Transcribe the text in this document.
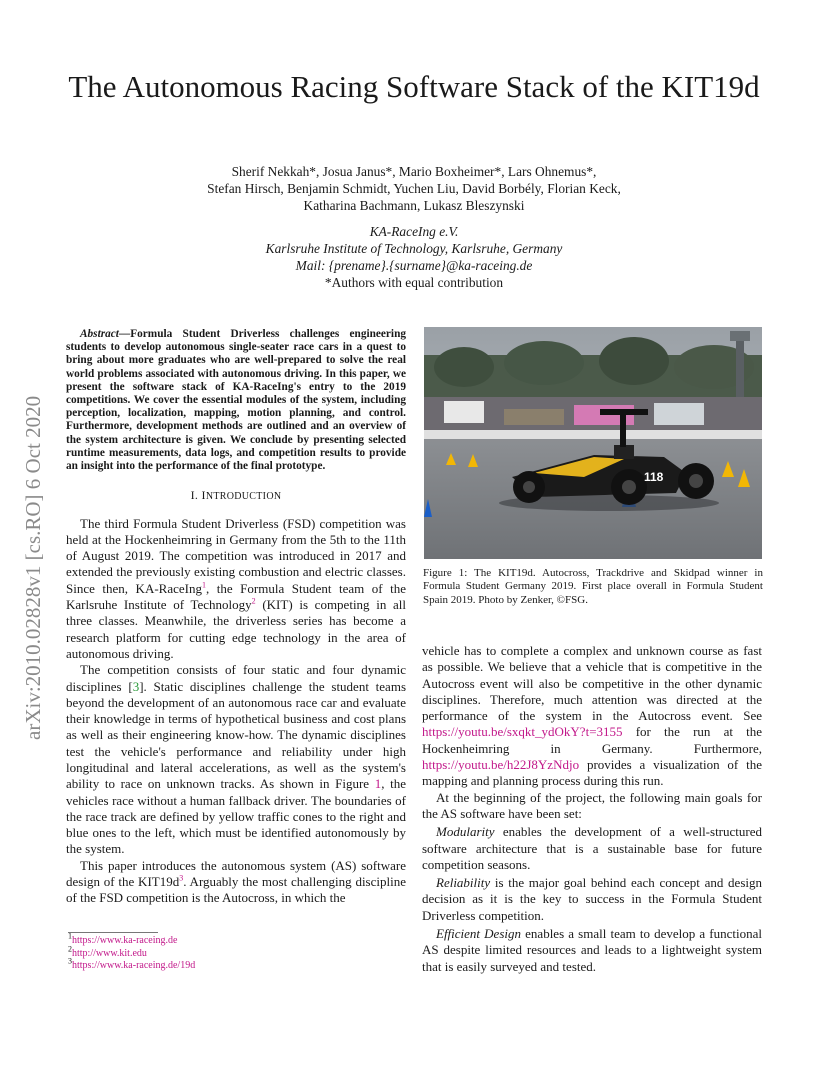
arXiv:2010.02828v1 [cs.RO] 6 Oct 2020
The Autonomous Racing Software Stack of the KIT19d
Sherif Nekkah*, Josua Janus*, Mario Boxheimer*, Lars Ohnemus*,
Stefan Hirsch, Benjamin Schmidt, Yuchen Liu, David Borbély, Florian Keck,
Katharina Bachmann, Lukasz Bleszynski
KA-RaceIng e.V.
Karlsruhe Institute of Technology, Karlsruhe, Germany
Mail: {prename}.{surname}@ka-raceing.de
*Authors with equal contribution
Abstract—Formula Student Driverless challenges engineering students to develop autonomous single-seater race cars in a quest to bring about more graduates who are well-prepared to solve the real world problems associated with autonomous driving. In this paper, we present the software stack of KA-RaceIng's entry to the 2019 competitions. We cover the essential modules of the system, including perception, localization, mapping, motion planning, and control. Furthermore, development methods are outlined and an overview of the system architecture is given. We conclude by presenting selected runtime measurements, data logs, and competition results to provide an insight into the performance of the final prototype.
I. INTRODUCTION

The third Formula Student Driverless (FSD) competition was held at the Hockenheimring in Germany from the 5th to the 11th of August 2019. The competition was introduced in 2017 and extended the previously existing combustion and electric classes. Since then, KA-RaceIng$^1$, the Formula Student team of the Karlsruhe Institute of Technology$^2$ (KIT) is competing in all three classes. Meanwhile, the driverless series has become a research platform for cutting edge technology in the area of autonomous driving.

The competition consists of four static and four dynamic disciplines [3]. Static disciplines challenge the student teams beyond the development of an autonomous race car and evaluate their knowledge in terms of hypothetical business and cost plans as well as their engineering know-how. The dynamic disciplines test the vehicle's performance and reliability under high longitudinal and lateral accelerations, as well as the system's ability to race on unknown tracks. As shown in Figure 1, the vehicles race without a human fallback driver. The boundaries of the race track are defined by yellow traffic cones to the right and blue ones to the left, which must be identified autonomously by the system.

This paper introduces the autonomous system (AS) software design of the $KIT19d^3$. Arguably the most challenging discipline of the FSD competition is the Autocross, in which the

$^1$https://www.ka-raceing.de
$^2$http://www.kit.edu
$^3$https://www.ka-raceing.de/19d
118
Figure 1: The KIT19d. Autocross, Trackdrive and Skidpad winner in Formula Student Germany 2019. First place overall in Formula Student Spain 2019. Photo by Zenker, ©FSG.

vehicle has to complete a complex and unknown course as fast as possible. We believe that a vehicle that is competitive in the Autocross event will also be competitive in the other dynamic disciplines. Therefore, much attention was directed at the performance of the system in the Autocross event. See https://youtu.be/sxqkt_ydOkY?t=3155 for the run at the Hockenheimring in Germany. Furthermore, https://youtu.be/h22J8YzNdjo provides a visualization of the mapping and planning process during this run.

At the beginning of the project, the following main goals for the AS software have been set:

Modularity enables the development of a well-structured software architecture that is a sustainable base for future competition seasons.

Reliability is the major goal behind each concept and design decision as it is the key to success in the Formula Student Driverless competition.

Efficient Design enables a small team to develop a functional AS despite limited resources and leads to a lightweight system that is easily surveyed and tested.
